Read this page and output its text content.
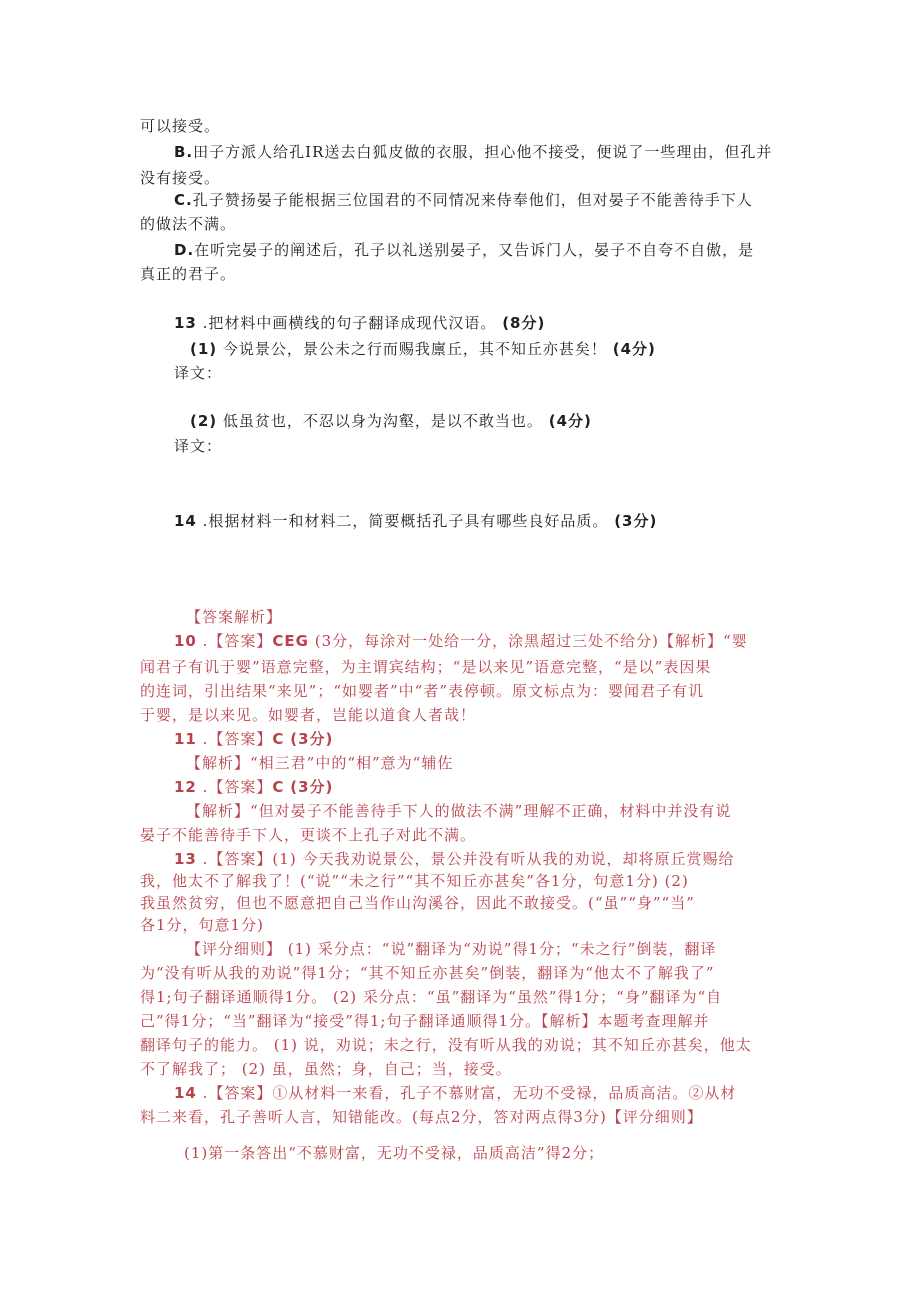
可以接受。

B.田子方派人给孔IR送去白狐皮做的衣服，担心他不接受，便说了一些理由，但孔并

没有接受。

C.孔子赞扬晏子能根据三位国君的不同情况来侍奉他们，但对晏子不能善待手下人

的做法不满。

D.在听完晏子的阐述后，孔子以礼送别晏子，又告诉门人，晏子不自夸不自傲，是

真正的君子。

13 .把材料中画横线的句子翻译成现代汉语。 (8分)

(1) 今说景公，景公未之行而赐我廪丘，其不知丘亦甚矣！ (4分)

译文：

(2) 低虽贫也，不忍以身为沟壑，是以不敢当也。 (4分)

译文：

14 .根据材料一和材料二，简要概括孔子具有哪些良好品质。 (3分)

【答案解析】

10 .【答案】CEG (3分，每涂对一处给一分，涂黑超过三处不给分)【解析】“婴

闻君子有讥于婴”语意完整，为主谓宾结构；“是以来见”语意完整，“是以”表因果

的连词，引出结果“来见”；“如婴者”中“者”表停顿。原文标点为：婴闻君子有讥

于婴，是以来见。如婴者，岂能以道食人者哉！

11 .【答案】C (3分)

【解析】“相三君”中的“相”意为“辅佐

12 .【答案】C (3分)

【解析】“但对晏子不能善待手下人的做法不满”理解不正确，材料中并没有说

晏子不能善待手下人，更谈不上孔子对此不满。

13 .【答案】(1) 今天我劝说景公，景公并没有听从我的劝说，却将原丘赏赐给

我，他太不了解我了！(“说”“未之行”“其不知丘亦甚矣”各1分，句意1分) (2)

我虽然贫穷，但也不愿意把自己当作山沟溪谷，因此不敢接受。(“虽”“身”“当”

各1分，句意1分)

【评分细则】 (1) 采分点：“说”翻译为“劝说”得1分；“未之行”倒装，翻译

为“没有听从我的劝说”得1分；“其不知丘亦甚矣”倒装，翻译为“他太不了解我了”

得1;句子翻译通顺得1分。 (2) 采分点：“虽”翻译为“虽然”得1分；“身”翻译为“自

己”得1分；“当”翻译为“接受”得1;句子翻译通顺得1分。【解析】本题考查理解并

翻译句子的能力。 (1) 说，劝说；未之行，没有听从我的劝说；其不知丘亦甚矣，他太

不了解我了； (2) 虽，虽然；身，自己；当，接受。

14 .【答案】①从材料一来看，孔子不慕财富，无功不受禄，品质高洁。②从材

料二来看，孔子善听人言，知错能改。(每点2分，答对两点得3分)【评分细则】

(1)第一条答出“不慕财富，无功不受禄，品质高洁”得2分；
